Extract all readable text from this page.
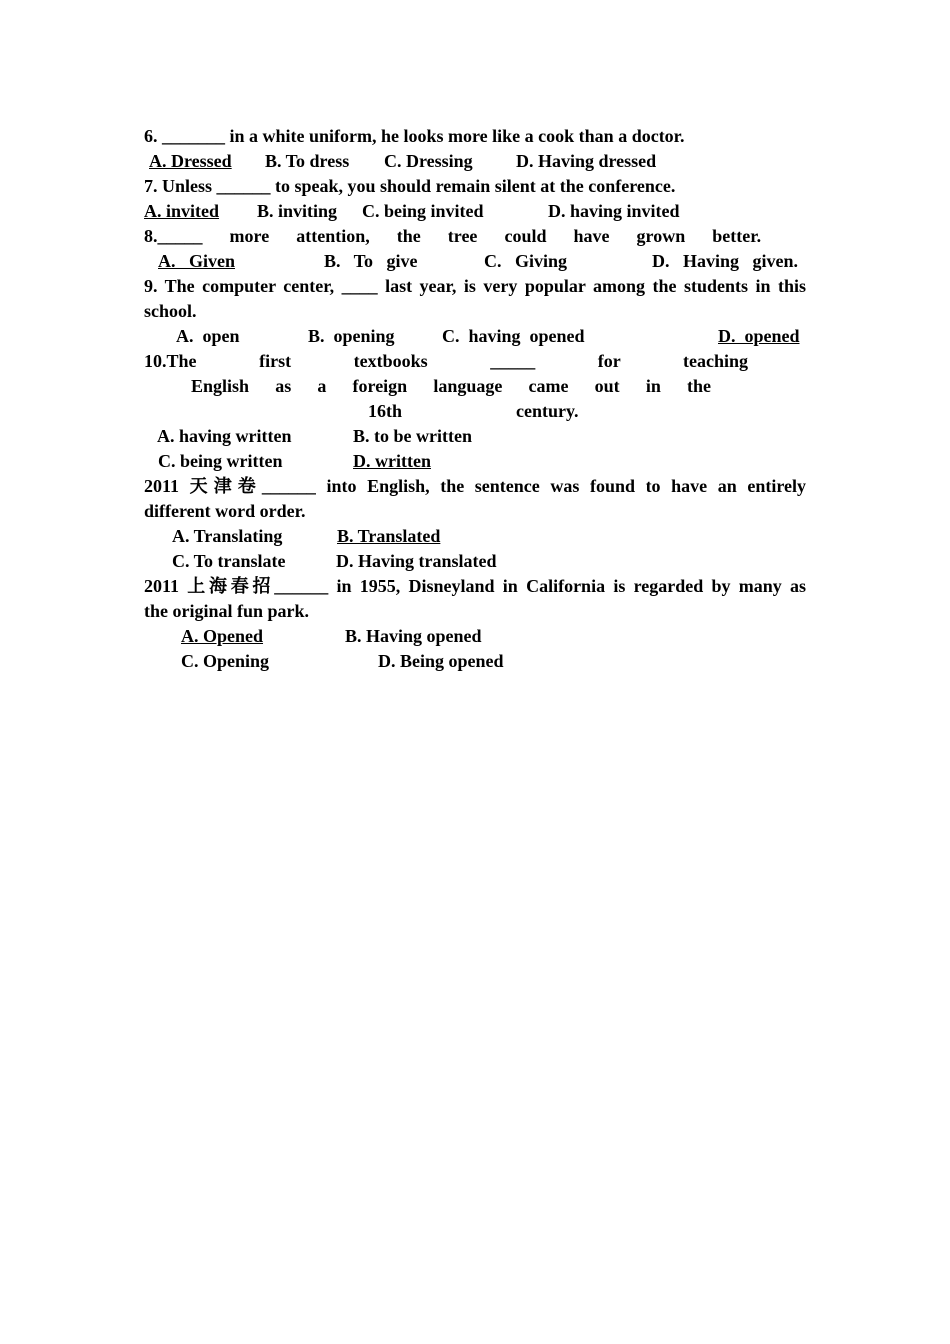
6. _______ in a white uniform, he looks more like a cook than a doctor.
A. Dressed B. To dress C. Dressing D. Having dressed
7. Unless ______ to speak, you should remain silent at the conference.
A. invited B. inviting C. being invited	D. having invited
8._____ more attention, the tree could have grown better.

A.   Given

	B.   To   give

	C.   Giving

	D.   Having   given.

9. The computer center, ____ last year, is very popular among the students in this
school.
A.  open	B.  opening	C.  having  opened	D.  opened
10.The	first	textbooks	_____	for	teaching
English as a foreign language came out in the
16th	century.
A. having written	B. to be written
C. being written	D. written
2011 天津卷______ into English, the sentence was found to have an entirely
different word order.
A. Translating	B. Translated
C. To translate	D. Having translated
2011 上海春招______ in 1955, Disneyland in California is regarded by many as
the original fun park.
A. Opened	B. Having opened
C. Opening	D. Being opened
